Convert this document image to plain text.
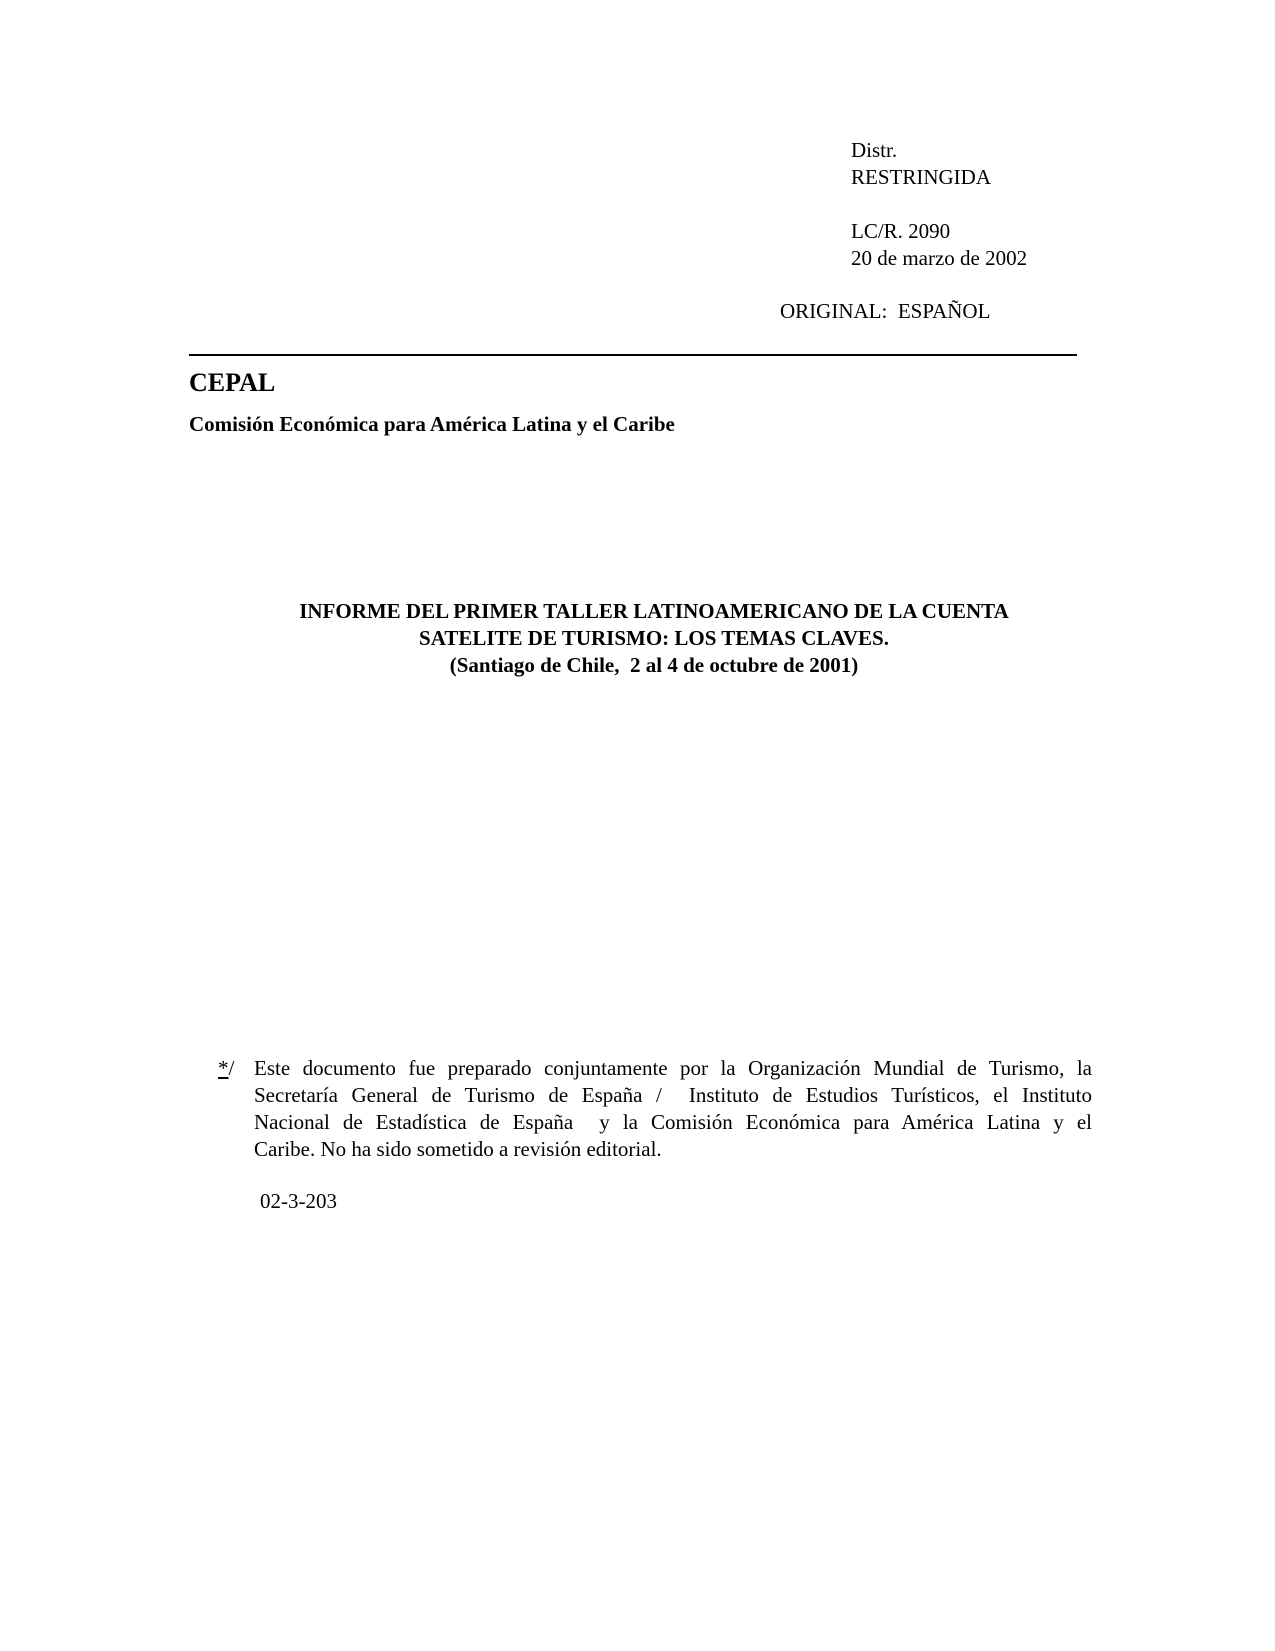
Distr.
RESTRINGIDA
LC/R. 2090
20 de marzo de 2002
ORIGINAL:  ESPAÑOL
CEPAL
Comisión Económica para América Latina y el Caribe
INFORME DEL PRIMER TALLER LATINOAMERICANO DE LA CUENTA
SATELITE DE TURISMO: LOS TEMAS CLAVES.
(Santiago de Chile,  2 al 4 de octubre de 2001)
*/ Este documento fue preparado conjuntamente por la Organización Mundial de Turismo, la
Secretaría General de Turismo de España /  Instituto de Estudios Turísticos, el Instituto
Nacional de Estadística de España  y la Comisión Económica para América Latina y el
Caribe. No ha sido sometido a revisión editorial.
02-3-203
